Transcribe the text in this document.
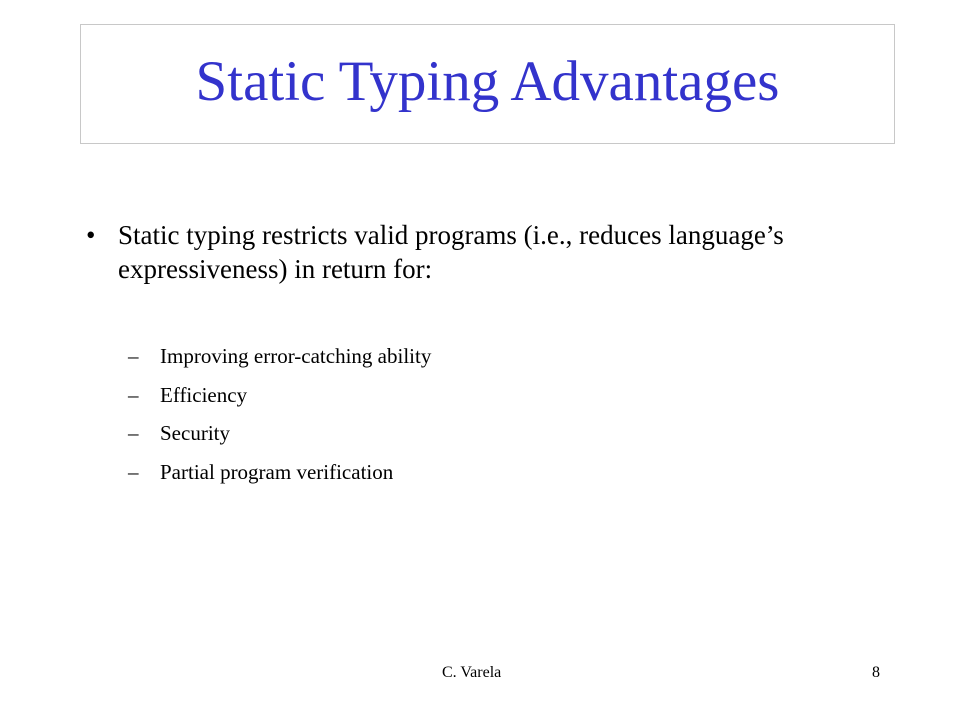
Static Typing Advantages
• Static typing restricts valid programs (i.e., reduces language’s expressiveness) in return for:
–	Improving error-catching ability
–	Efficiency
–	Security
–	Partial program verification
C. Varela	8
